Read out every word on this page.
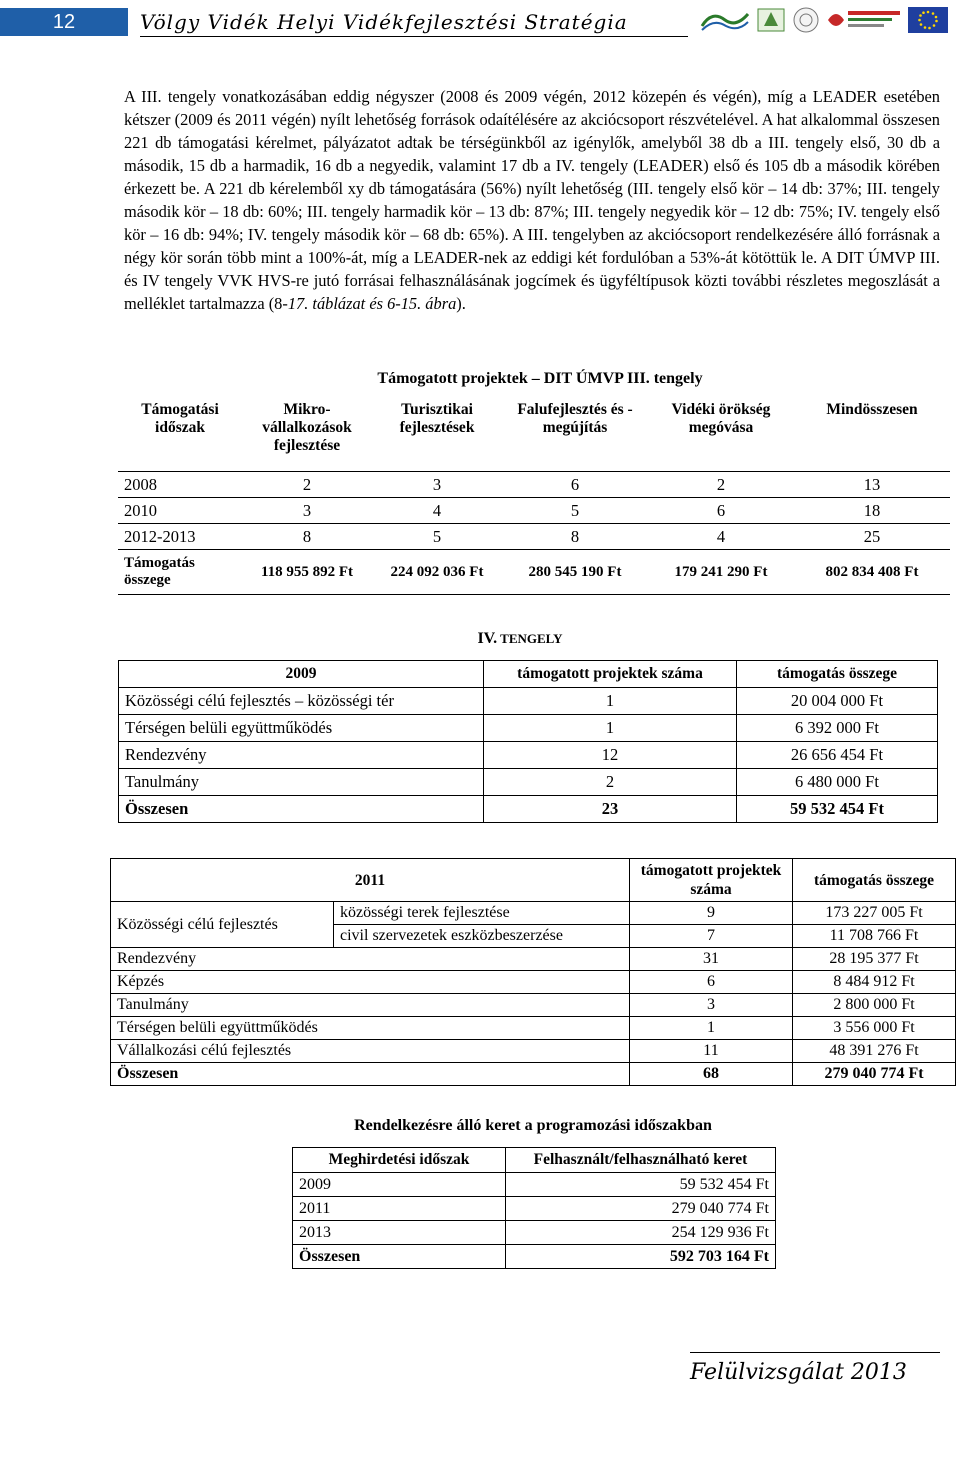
12	Völgy Vidék Helyi Vidékfejlesztési Stratégia
A III. tengely vonatkozásában eddig négyszer (2008 és 2009 végén, 2012 közepén és végén), míg a LEADER esetében kétszer (2009 és 2011 végén) nyílt lehetőség források odaítélésére az akciócsoport részvételével. A hat alkalommal összesen 221 db támogatási kérelmet, pályázatot adtak be térségünkből az igénylők, amelyből 38 db a III. tengely első, 30 db a második, 15 db a harmadik, 16 db a negyedik, valamint 17 db a IV. tengely (LEADER) első és 105 db a második körében érkezett be. A 221 db kérelemből xy db támogatására (56%) nyílt lehetőség (III. tengely első kör – 14 db: 37%; III. tengely második kör – 18 db: 60%; III. tengely harmadik kör – 13 db: 87%; III. tengely negyedik kör – 12 db: 75%; IV. tengely első kör – 16 db: 94%; IV. tengely második kör – 68 db: 65%). A III. tengelyben az akciócsoport rendelkezésére álló forrásnak a négy kör során több mint a 100%-át, míg a LEADER-nek az eddigi két fordulóban a 53%-át kötöttük le. A DIT ÚMVP III. és IV tengely VVK HVS-re jutó forrásai felhasználásának jogcímek és ügyféltípusok közti további részletes megoszlását a melléklet tartalmazza (8-17. táblázat és 6-15. ábra).
Támogatott projektek – DIT ÚMVP III. tengely
Támogatási időszak	Mikro-vállalkozások fejlesztése	Turisztikai fejlesztések	Falufejlesztés és -megújítás	Vidéki örökség megóvása	Mindösszesen
2008	2	3	6	2	13
2010	3	4	5	6	18
2012-2013	8	5	8	4	25
Támogatás összege	118 955 892 Ft	224 092 036 Ft	280 545 190 Ft	179 241 290 Ft	802 834 408 Ft
IV. TENGELY
2009	támogatott projektek száma	támogatás összege
Közösségi célú fejlesztés – közösségi tér	1	20 004 000 Ft
Térségen belüli együttműködés	1	6 392 000 Ft
Rendezvény	12	26 656 454 Ft
Tanulmány	2	6 480 000 Ft
Összesen	23	59 532 454 Ft
2011		támogatott projektek száma	támogatás összege
Közösségi célú fejlesztés	közösségi terek fejlesztése	9	173 227 005 Ft
	civil szervezetek eszközbeszerzése	7	11 708 766 Ft
Rendezvény		31	28 195 377 Ft
Képzés		6	8 484 912 Ft
Tanulmány		3	2 800 000 Ft
Térségen belüli együttműködés		1	3 556 000 Ft
Vállalkozási célú fejlesztés		11	48 391 276 Ft
Összesen		68	279 040 774 Ft
Rendelkezésre álló keret a programozási időszakban
Meghirdetési időszak	Felhasznált/felhasználható keret
2009	59 532 454 Ft
2011	279 040 774 Ft
2013	254 129 936 Ft
Összesen	592 703 164 Ft
Felülvizsgálat 2013
